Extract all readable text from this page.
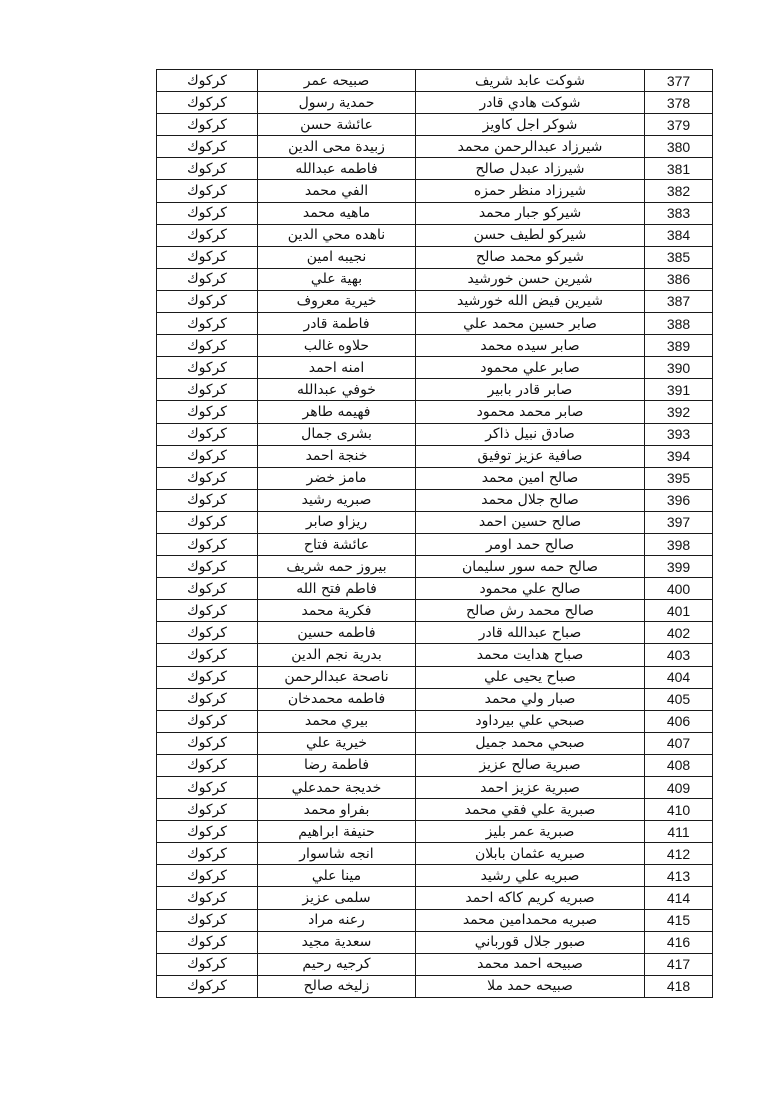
كركوك	صبيحه عمر	شوكت عابد شريف	377
كركوك	حمدية رسول	شوكت هادي قادر	378
كركوك	عائشة حسن	شوكر اجل كاويز	379
كركوك	زبيدة محى الدين	شيرزاد عبدالرحمن محمد	380
كركوك	فاطمه عبدالله	شيرزاد عبدل صالح	381
كركوك	الفي محمد	شيرزاد منظر حمزه	382
كركوك	ماهيه محمد	شيركو جبار محمد	383
كركوك	ناهده محي الدين	شيركو لطيف حسن	384
كركوك	نجيبه امين	شيركو محمد صالح	385
كركوك	بهية علي	شيرين حسن خورشيد	386
كركوك	خيرية معروف	شيرين فيض الله خورشيد	387
كركوك	فاطمة قادر	صابر حسين محمد علي	388
كركوك	حلاوه غالب	صابر سيده محمد	389
كركوك	امنه احمد	صابر علي محمود	390
كركوك	خوفي عبدالله	صابر قادر بابير	391
كركوك	فهيمه طاهر	صابر محمد محمود	392
كركوك	بشرى جمال	صادق نبيل ذاكر	393
كركوك	خنجة احمد	صافية عزيز توفيق	394
كركوك	مامز خضر	صالح امين محمد	395
كركوك	صبريه رشيد	صالح جلال محمد	396
كركوك	ريزاو صابر	صالح حسين احمد	397
كركوك	عائشة فتاح	صالح حمد اومر	398
كركوك	بيروز حمه شريف	صالح حمه سور سليمان	399
كركوك	فاطم فتح الله	صالح علي محمود	400
كركوك	فكرية محمد	صالح محمد رش صالح	401
كركوك	فاطمه حسين	صباح عبدالله قادر	402
كركوك	بدرية نجم الدين	صباح هدايت محمد	403
كركوك	ناصحة عبدالرحمن	صباح يحيى علي	404
كركوك	فاطمه محمدخان	صبار ولي محمد	405
كركوك	بيري محمد	صبحي علي بيرداود	406
كركوك	خيرية علي	صبحي محمد جميل	407
كركوك	فاطمة رضا	صبرية صالح عزيز	408
كركوك	خديجة حمدعلي	صبرية عزيز احمد	409
كركوك	بفراو محمد	صبرية علي فقي محمد	410
كركوك	حنيفة ابراهيم	صبرية عمر بليز	411
كركوك	انجه شاسوار	صبريه عثمان بابلان	412
كركوك	مينا علي	صبريه علي رشيد	413
كركوك	سلمى عزيز	صبريه كريم كاكه احمد	414
كركوك	رعنه مراد	صبريه محمدامين محمد	415
كركوك	سعدية مجيد	صبور جلال قورباني	416
كركوك	كرجيه رحيم	صبيحه احمد محمد	417
كركوك	زليخه صالح	صبيحه حمد ملا	418
